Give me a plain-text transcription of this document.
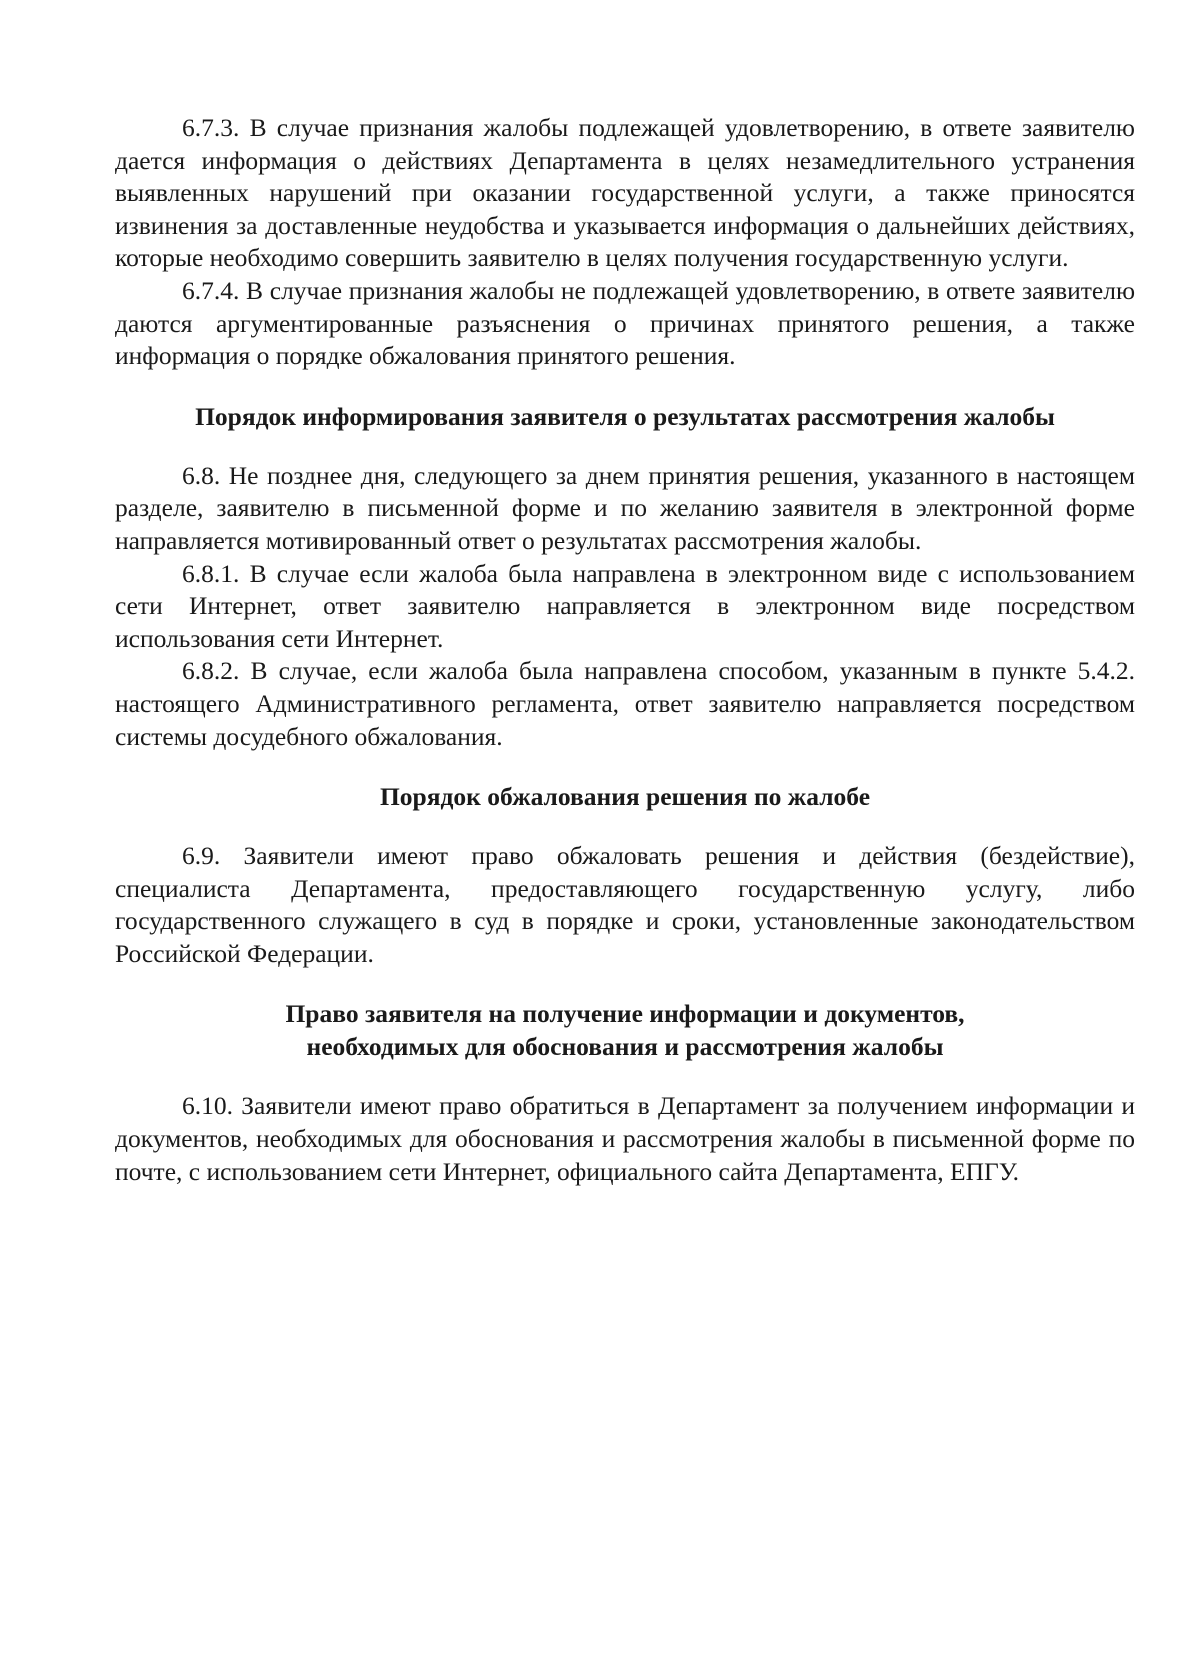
6.7.3. В случае признания жалобы подлежащей удовлетворению, в ответе заявителю дается информация о действиях Департамента в целях незамедлительного устранения выявленных нарушений при оказании государственной услуги, а также приносятся извинения за доставленные неудобства и указывается информация о дальнейших действиях, которые необходимо совершить заявителю в целях получения государственную услуги.

6.7.4. В случае признания жалобы не подлежащей удовлетворению, в ответе заявителю даются аргументированные разъяснения о причинах принятого решения, а также информация о порядке обжалования принятого решения.

Порядок информирования заявителя о результатах рассмотрения жалобы

6.8. Не позднее дня, следующего за днем принятия решения, указанного в настоящем разделе, заявителю в письменной форме и по желанию заявителя в электронной форме направляется мотивированный ответ о результатах рассмотрения жалобы.

6.8.1. В случае если жалоба была направлена в электронном виде с использованием сети Интернет, ответ заявителю направляется в электронном виде посредством использования сети Интернет.

6.8.2. В случае, если жалоба была направлена способом, указанным в пункте 5.4.2. настоящего Административного регламента, ответ заявителю направляется посредством системы досудебного обжалования.

Порядок обжалования решения по жалобе

6.9. Заявители имеют право обжаловать решения и действия (бездействие), специалиста Департамента, предоставляющего государственную услугу, либо государственного служащего в суд в порядке и сроки, установленные законодательством Российской Федерации.

Право заявителя на получение информации и документов,
необходимых для обоснования и рассмотрения жалобы

6.10. Заявители имеют право обратиться в Департамент за получением информации и документов, необходимых для обоснования и рассмотрения жалобы в письменной форме по почте, с использованием сети Интернет, официального сайта Департамента, ЕПГУ.
